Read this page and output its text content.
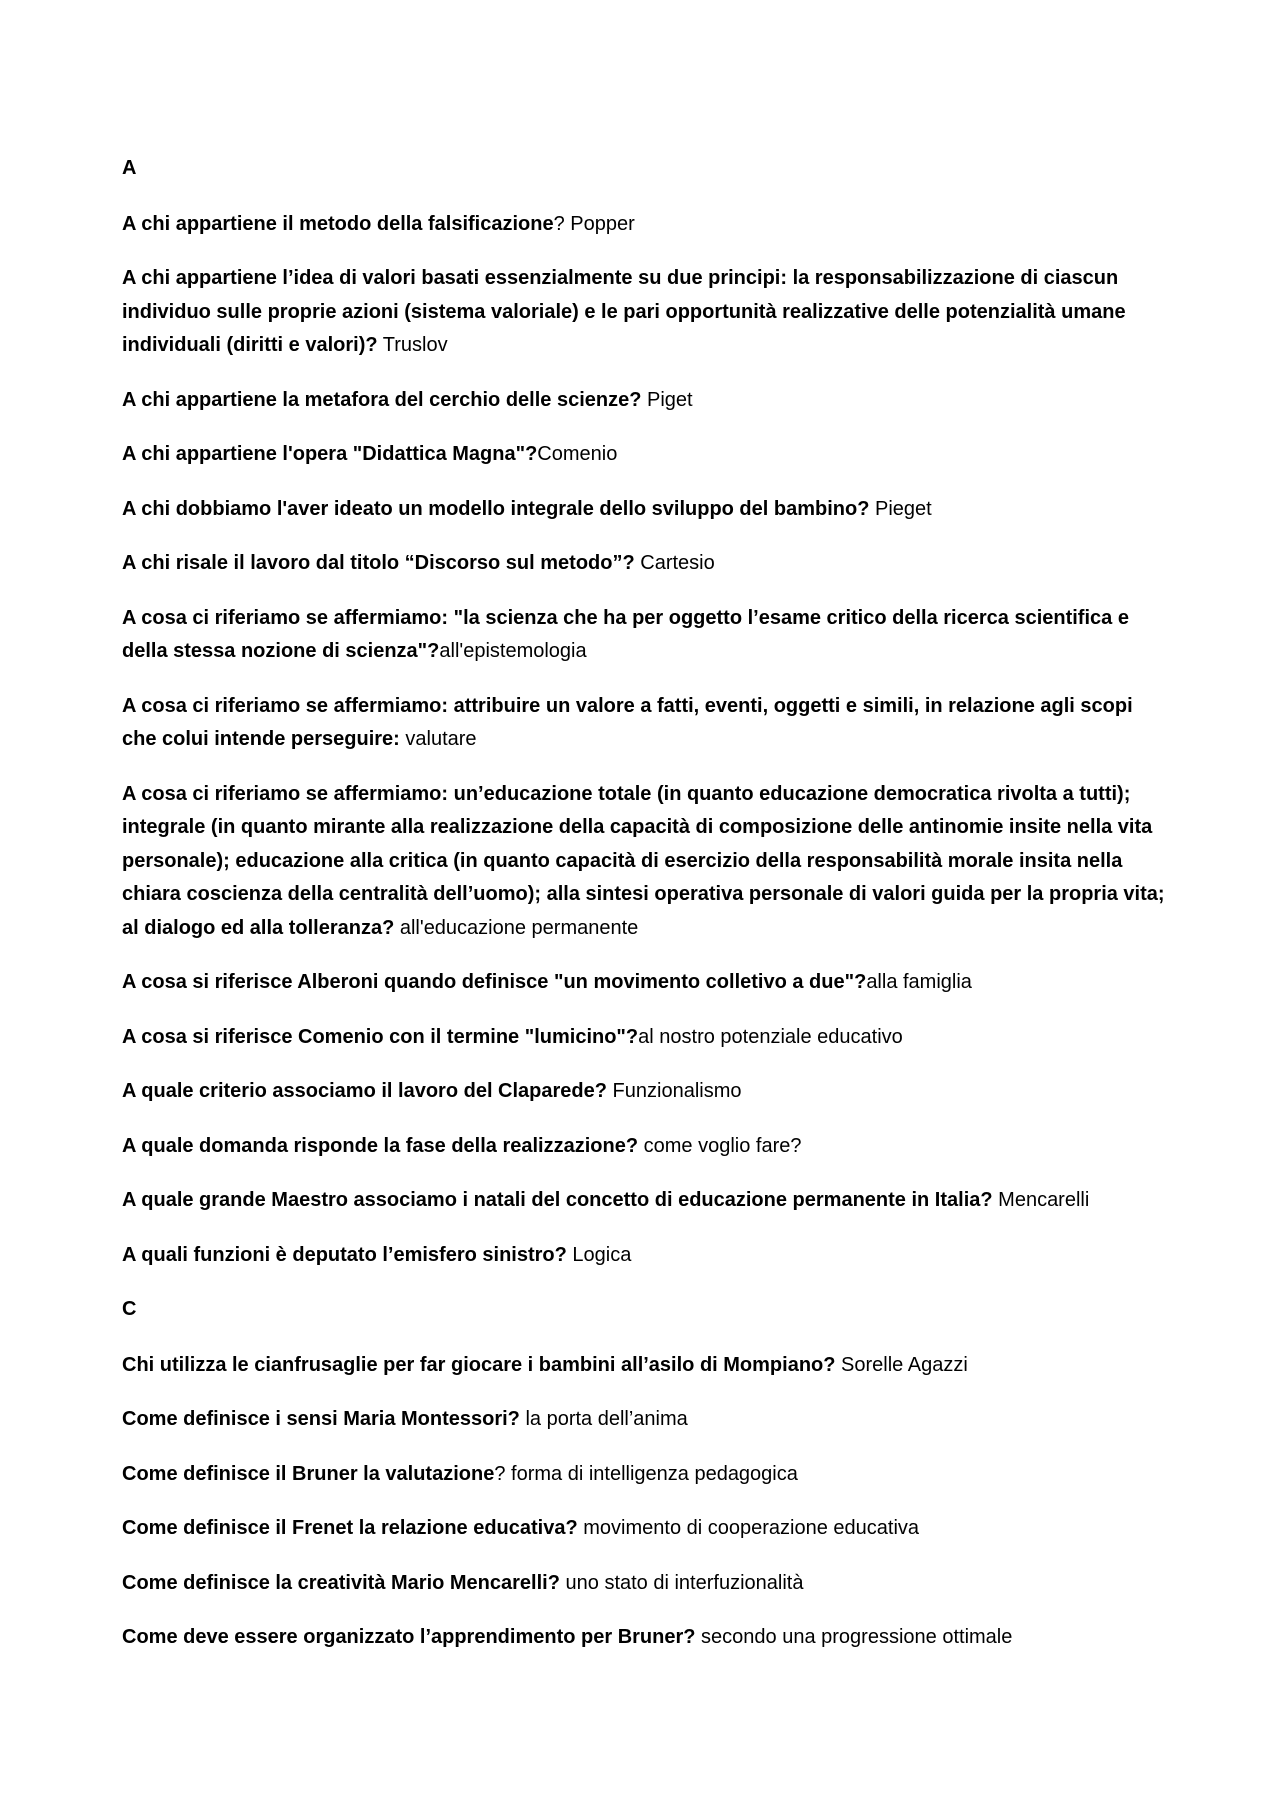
A
A chi appartiene il metodo della falsificazione? Popper
A chi appartiene l’idea di valori basati essenzialmente su due principi: la responsabilizzazione di ciascun individuo sulle proprie azioni (sistema valoriale) e le pari opportunità realizzative delle potenzialità umane individuali (diritti e valori)? Truslov
A chi appartiene la metafora del cerchio delle scienze? Piget
A chi appartiene l'opera "Didattica Magna"?Comenio
A chi dobbiamo l'aver ideato un modello integrale dello sviluppo del bambino? Pieget
A chi risale il lavoro dal titolo “Discorso sul metodo”? Cartesio
A cosa ci riferiamo se affermiamo: "la scienza che ha per oggetto l’esame critico della ricerca scientifica e della stessa nozione di scienza"?all'epistemologia
A cosa ci riferiamo se affermiamo: attribuire un valore a fatti, eventi, oggetti e simili, in relazione agli scopi che colui intende perseguire: valutare
A cosa ci riferiamo se affermiamo: un’educazione totale (in quanto educazione democratica rivolta a tutti); integrale (in quanto mirante alla realizzazione della capacità di composizione delle antinomie insite nella vita personale); educazione alla critica (in quanto capacità di esercizio della responsabilità morale insita nella chiara coscienza della centralità dell’uomo); alla sintesi operativa personale di valori guida per la propria vita; al dialogo ed alla tolleranza? all'educazione permanente
A cosa si riferisce Alberoni quando definisce "un movimento colletivo a due"?alla famiglia
A cosa si riferisce Comenio con il termine "lumicino"?al nostro potenziale educativo
A quale criterio associamo il lavoro del Claparede? Funzionalismo
A quale domanda risponde la fase della realizzazione? come voglio fare?
A quale grande Maestro associamo i natali del concetto di educazione permanente in Italia? Mencarelli
A quali funzioni è deputato l’emisfero sinistro? Logica
C
Chi utilizza le cianfrusaglie per far giocare i bambini all’asilo di Mompiano? Sorelle Agazzi
Come definisce i sensi Maria Montessori? la porta dell’anima
Come definisce il Bruner la valutazione? forma di intelligenza pedagogica
Come definisce il Frenet la relazione educativa? movimento di cooperazione educativa
Come definisce la creatività Mario Mencarelli? uno stato di interfuzionalità
Come deve essere organizzato l’apprendimento per Bruner? secondo una progressione ottimale
